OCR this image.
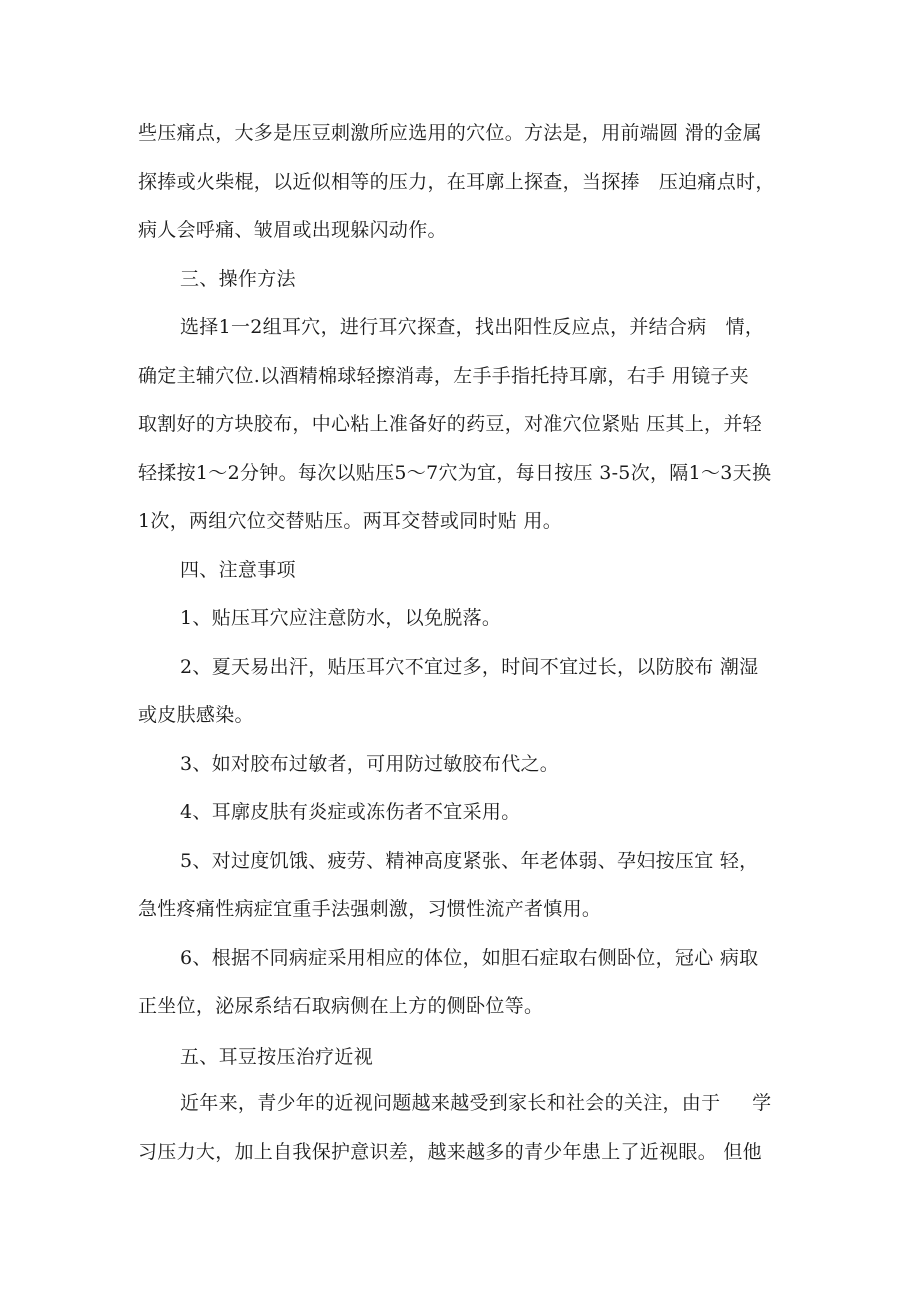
些压痛点，大多是压豆刺激所应选用的穴位。方法是，用前端圆 滑的金属

探捧或火柴棍，以近似相等的压力，在耳廓上探查，当探捧   压迫痛点时，

病人会呼痛、皱眉或出现躲闪动作。

三、操作方法

选择1一2组耳穴，进行耳穴探查，找出阳性反应点，并结合病   情，

确定主辅穴位.以酒精棉球轻擦消毒，左手手指托持耳廓，右手 用镜子夹

取割好的方块胶布，中心粘上准备好的药豆，对准穴位紧贴 压其上，并轻

轻揉按1～2分钟。每次以贴压5～7穴为宜，每日按压 3-5次，隔1～3天换

1次，两组穴位交替贴压。两耳交替或同时贴 用。

四、注意事项

1、贴压耳穴应注意防水，以免脱落。

2、夏天易出汗，贴压耳穴不宜过多，时间不宜过长，以防胶布 潮湿

或皮肤感染。

3、如对胶布过敏者，可用防过敏胶布代之。

4、耳廓皮肤有炎症或冻伤者不宜采用。

5、对过度饥饿、疲劳、精神高度紧张、年老体弱、孕妇按压宜 轻，

急性疼痛性病症宜重手法强刺激，习惯性流产者慎用。

6、根据不同病症采用相应的体位，如胆石症取右侧卧位，冠心 病取

正坐位，泌尿系结石取病侧在上方的侧卧位等。

五、耳豆按压治疗近视

近年来，青少年的近视问题越来越受到家长和社会的关注，由于     学

习压力大，加上自我保护意识差，越来越多的青少年患上了近视眼。 但他
